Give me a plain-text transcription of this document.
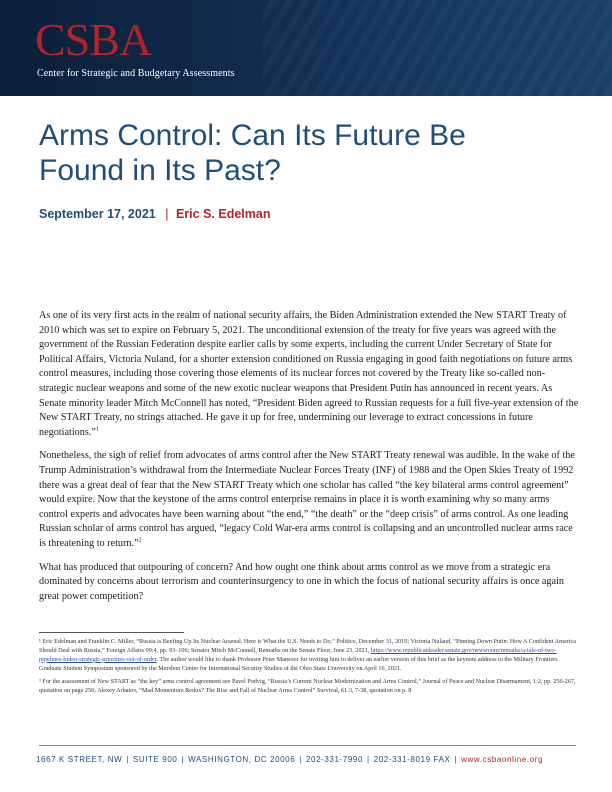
CSBA
Center for Strategic and Budgetary Assessments
Arms Control: Can Its Future Be Found in Its Past?
September 17, 2021 | Eric S. Edelman

As one of its very first acts in the realm of national security affairs, the Biden Administration extended the New START Treaty of 2010 which was set to expire on February 5, 2021. The unconditional extension of the treaty for five years was agreed with the government of the Russian Federation despite earlier calls by some experts, including the current Under Secretary of State for Political Affairs, Victoria Nuland, for a shorter extension conditioned on Russia engaging in good faith negotiations on future arms control measures, including those covering those elements of its nuclear forces not covered by the Treaty like so-called non-strategic nuclear weapons and some of the new exotic nuclear weapons that President Putin has announced in recent years. As Senate minority leader Mitch McConnell has noted, “President Biden agreed to Russian requests for a full five-year extension of the New START Treaty, no strings attached. He gave it up for free, undermining our leverage to extract concessions in future negotiations.”$^1$

Nonetheless, the sigh of relief from advocates of arms control after the New START Treaty renewal was audible. In the wake of the Trump Administration’s withdrawal from the Intermediate Nuclear Forces Treaty (INF) of 1988 and the Open Skies Treaty of 1992 there was a great deal of fear that the New START Treaty which one scholar has called “the key bilateral arms control agreement” would expire. Now that the keystone of the arms control enterprise remains in place it is worth examining why so many arms control experts and advocates have been warning about “the end,” “the death” or the “deep crisis” of arms control. As one leading Russian scholar of arms control has argued, “legacy Cold War-era arms control is collapsing and an uncontrolled nuclear arms race is threatening to return.”$^2$

What has produced that outpouring of concern? And how ought one think about arms control as we move from a strategic era dominated by concerns about terrorism and counterinsurgency to one in which the focus of national security affairs is once again great power competition?

¹ Eric Edelman and Franklin C. Miller, “Russia is Beefing Up Its Nuclear Arsenal. Here is What the U.S. Needs to Do,” Politico, December 31, 2019; Victoria Nuland, “Pinning Down Putin: How A Confident America Should Deal with Russia,” Foreign Affairs 99:4, pp. 93–106; Senator Mitch McConnell, Remarks on the Senate Floor, June 23, 2021, https://www.republicanleader.senate.gov/newsroom/remarks/a-tale-of-two-pipelines-biden-strategic-priorities-out-of-order. The author would like to thank Professor Peter Mansoor for inviting him to deliver an earlier version of this brief as the keynote address to the Military Frontiers Graduate Student Symposium sponsored by the Mershon Center for International Security Studies of the Ohio State Unuversity on April 16, 2021.

² For the assessment of New START as “the key” arms control agreement see Pavel Podvig, “Russia’s Current Nuclear Modernization and Arms Control,” Journal of Peace and Nuclear Disarmament, 1:2, pp. 256-267, quotation on page 256; Alexey Arbatov, “Mad Momentum Redux? The Rise and Fall of Nuclear Arms Control” Survival, 61:3, 7-38, quotation on p. 8

1667 K STREET, NW | SUITE 900 | WASHINGTON, DC 20006 | 202-331-7990 | 202-331-8019 FAX | www.csbaonline.org
